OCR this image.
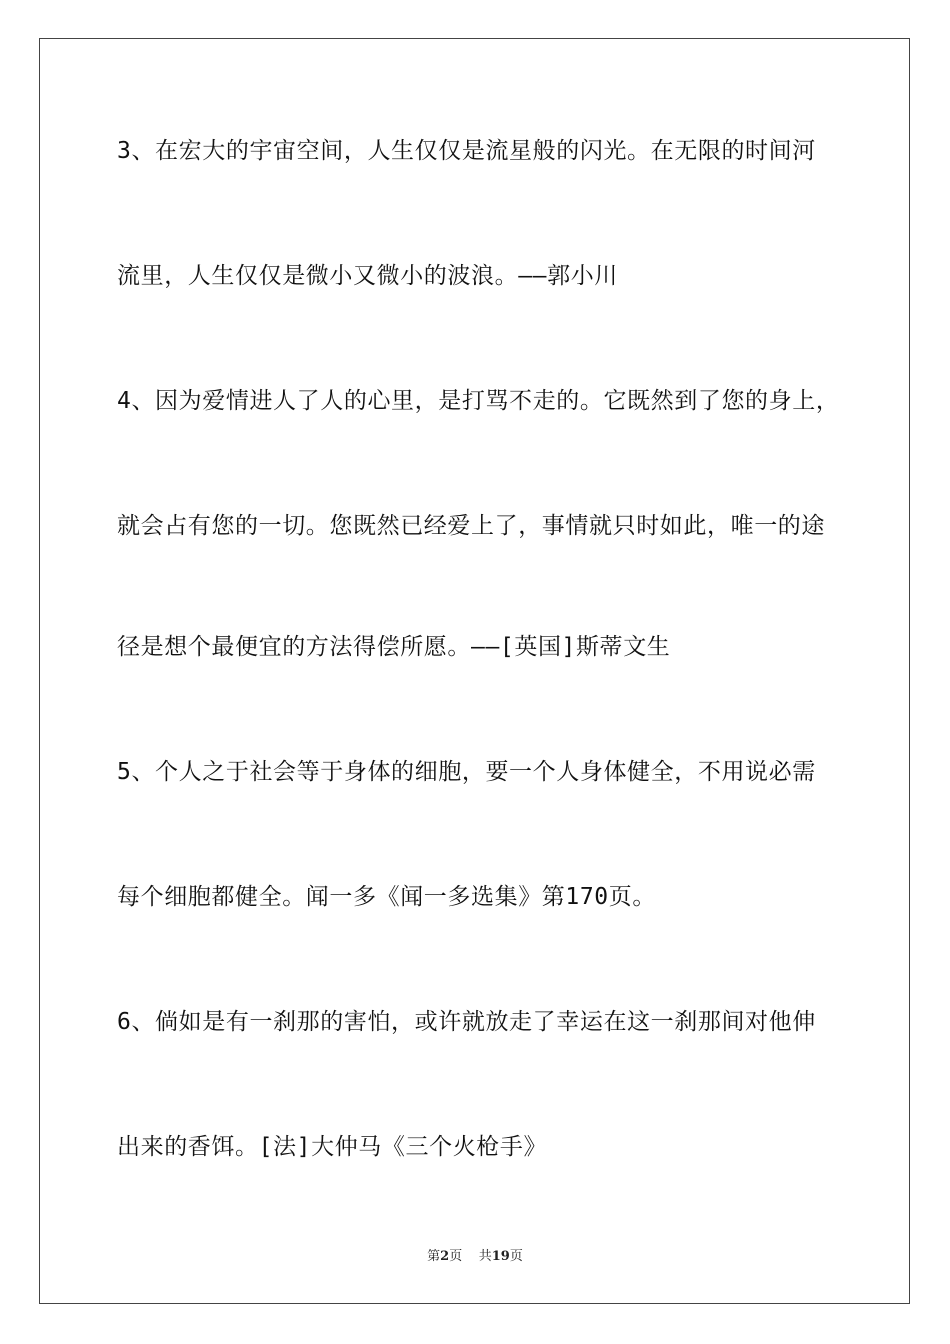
3、在宏大的宇宙空间，人生仅仅是流星般的闪光。在无限的时间河
流里，人生仅仅是微小又微小的波浪。——郭小川
4、因为爱情进人了人的心里，是打骂不走的。它既然到了您的身上，
就会占有您的一切。您既然已经爱上了，事情就只时如此，唯一的途
径是想个最便宜的方法得偿所愿。——[英国]斯蒂文生
5、个人之于社会等于身体的细胞，要一个人身体健全，不用说必需
每个细胞都健全。闻一多《闻一多选集》第170页。
6、倘如是有一刹那的害怕，或许就放走了幸运在这一刹那间对他伸
出来的香饵。[法]大仲马《三个火枪手》
第2页 共19页
